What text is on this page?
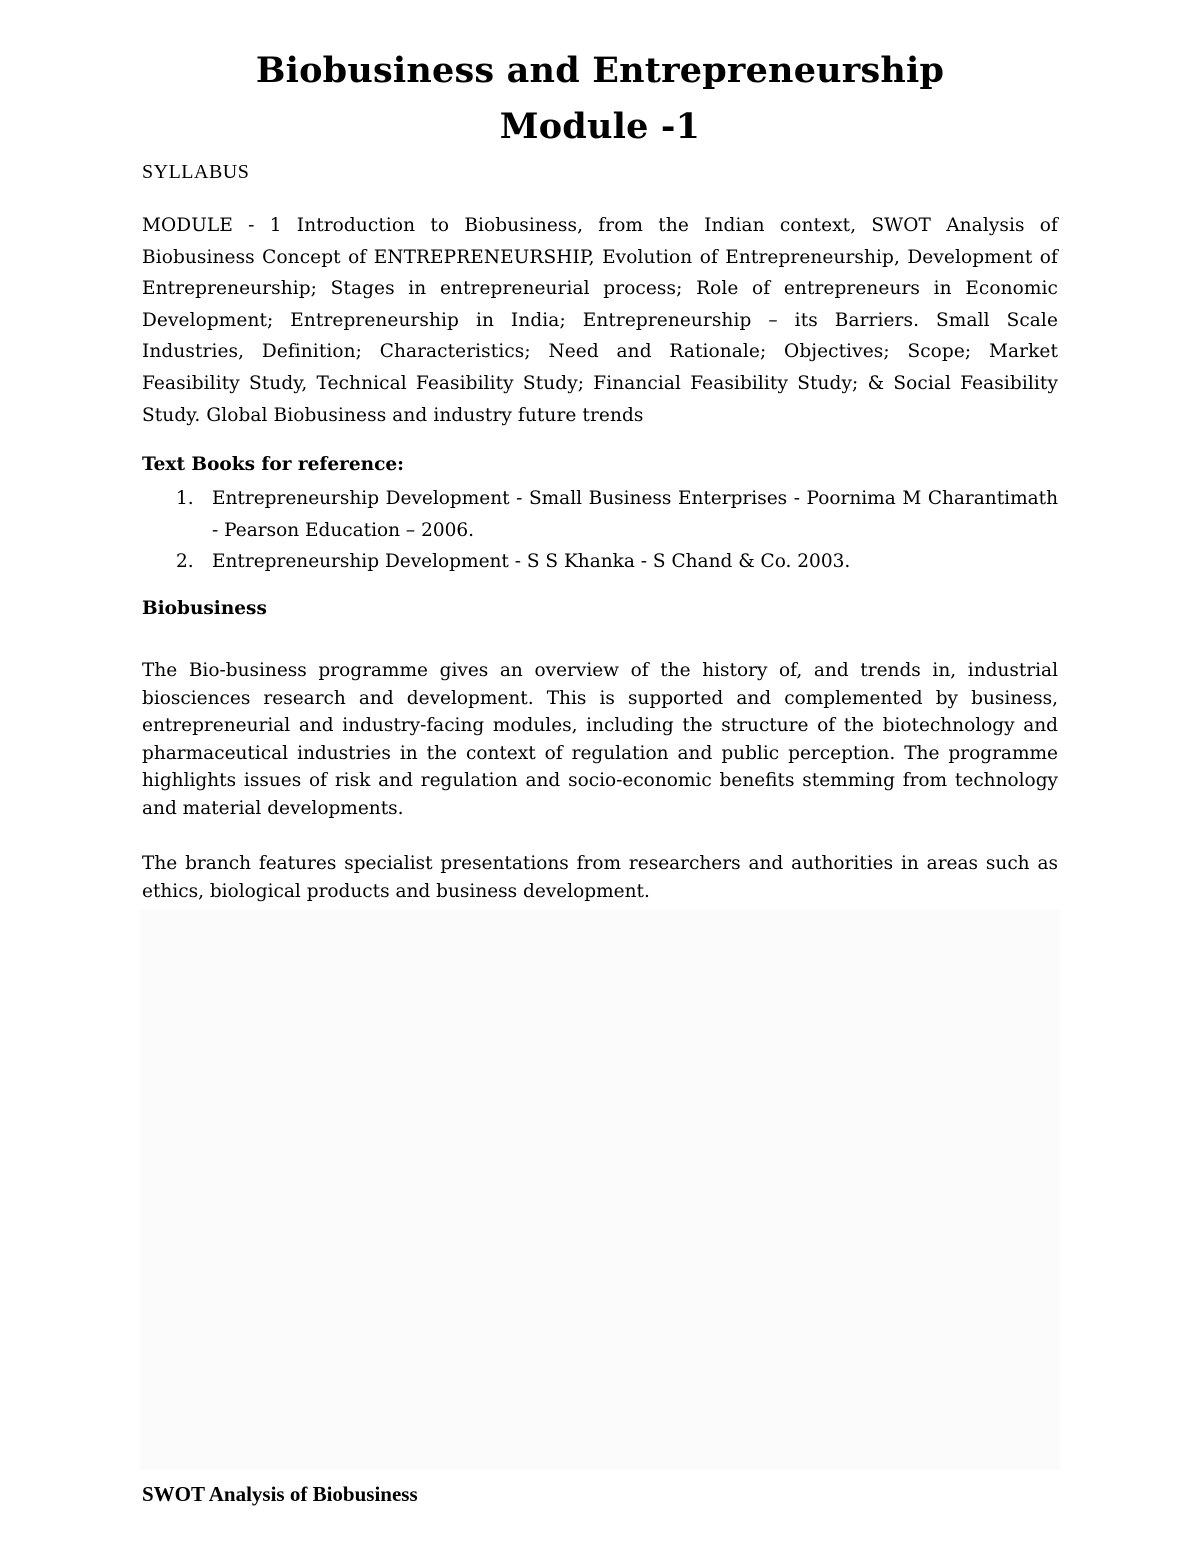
Biobusiness and Entrepreneurship
Module -1
SYLLABUS
MODULE - 1 Introduction to Biobusiness, from the Indian context, SWOT Analysis of Biobusiness Concept of ENTREPRENEURSHIP, Evolution of Entrepreneurship, Development of Entrepreneurship; Stages in entrepreneurial process; Role of entrepreneurs in Economic Development; Entrepreneurship in India; Entrepreneurship – its Barriers. Small Scale Industries, Definition; Characteristics; Need and Rationale; Objectives; Scope; Market Feasibility Study, Technical Feasibility Study; Financial Feasibility Study; & Social Feasibility Study. Global Biobusiness and industry future trends
Text Books for reference:
1. Entrepreneurship Development - Small Business Enterprises - Poornima M Charantimath - Pearson Education – 2006.
2. Entrepreneurship Development - S S Khanka - S Chand & Co. 2003.
Biobusiness
The Bio-business programme gives an overview of the history of, and trends in, industrial biosciences research and development. This is supported and complemented by business, entrepreneurial and industry-facing modules, including the structure of the biotechnology and pharmaceutical industries in the context of regulation and public perception. The programme highlights issues of risk and regulation and socio-economic benefits stemming from technology and material developments.
The branch features specialist presentations from researchers and authorities in areas such as ethics, biological products and business development.
SWOT Analysis of Biobusiness
